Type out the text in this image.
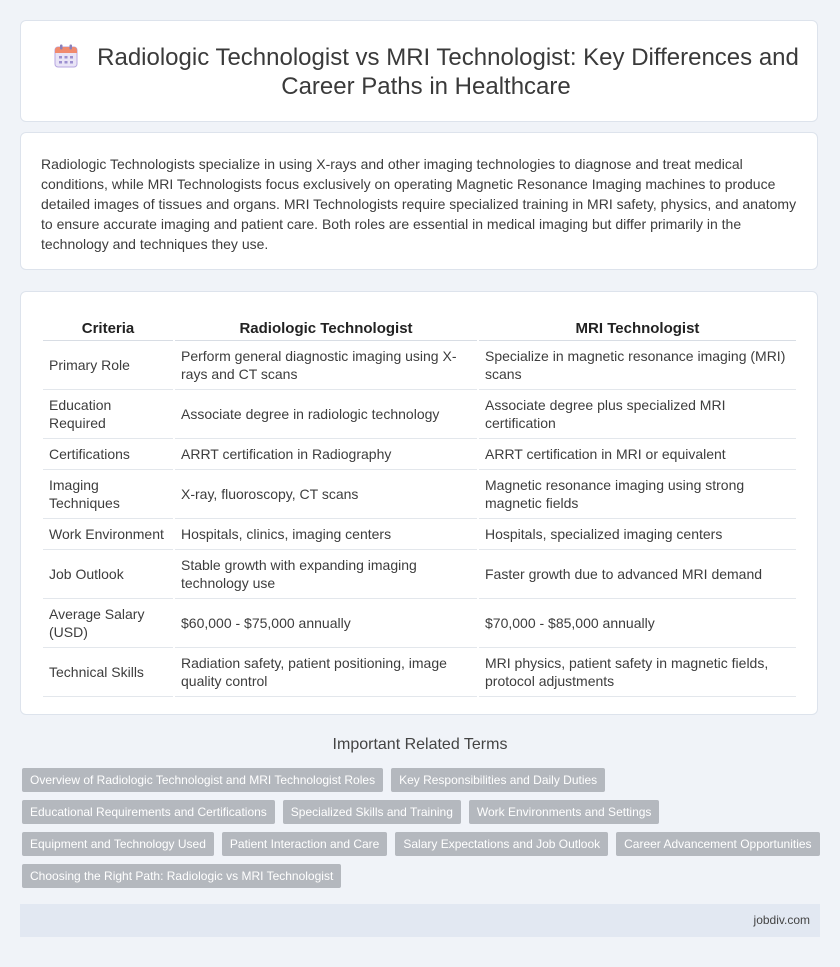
Radiologic Technologist vs MRI Technologist: Key Differences and Career Paths in Healthcare

Radiologic Technologists specialize in using X-rays and other imaging technologies to diagnose and treat medical conditions, while MRI Technologists focus exclusively on operating Magnetic Resonance Imaging machines to produce detailed images of tissues and organs. MRI Technologists require specialized training in MRI safety, physics, and anatomy to ensure accurate imaging and patient care. Both roles are essential in medical imaging but differ primarily in the technology and techniques they use.

Criteria	Radiologic Technologist	MRI Technologist
Primary Role	Perform general diagnostic imaging using X-rays and CT scans	Specialize in magnetic resonance imaging (MRI) scans
Education Required	Associate degree in radiologic technology	Associate degree plus specialized MRI certification
Certifications	ARRT certification in Radiography	ARRT certification in MRI or equivalent
Imaging Techniques	X-ray, fluoroscopy, CT scans	Magnetic resonance imaging using strong magnetic fields
Work Environment	Hospitals, clinics, imaging centers	Hospitals, specialized imaging centers
Job Outlook	Stable growth with expanding imaging technology use	Faster growth due to advanced MRI demand
Average Salary (USD)	$60,000 - $75,000 annually	$70,000 - $85,000 annually
Technical Skills	Radiation safety, patient positioning, image quality control	MRI physics, patient safety in magnetic fields, protocol adjustments
Important Related Terms
Overview of Radiologic Technologist and MRI Technologist Roles	Key Responsibilities and Daily Duties
Educational Requirements and Certifications	Specialized Skills and Training	Work Environments and Settings
Equipment and Technology Used	Patient Interaction and Care	Salary Expectations and Job Outlook	Career Advancement Opportunities
Choosing the Right Path: Radiologic vs MRI Technologist
jobdiv.com
